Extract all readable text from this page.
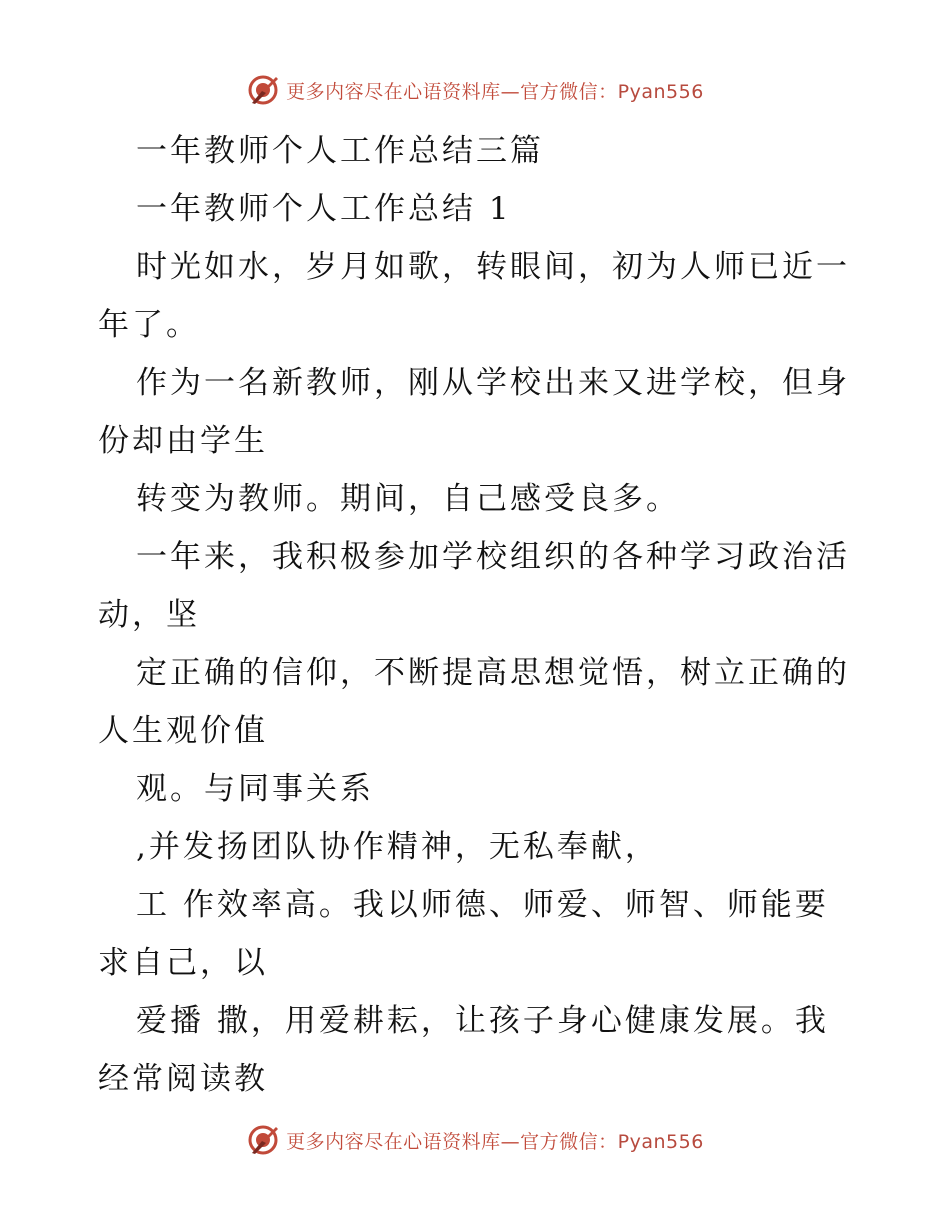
更多内容尽在心语资料库—官方微信：Pyan556
一年教师个人工作总结三篇
一年教师个人工作总结 1
时光如水，岁月如歌，转眼间，初为人师已近一
年了。
作为一名新教师，刚从学校出来又进学校，但身
份却由学生
转变为教师。期间，自己感受良多。
一年来，我积极参加学校组织的各种学习政治活
动，坚
定正确的信仰，不断提高思想觉悟，树立正确的
人生观价值
观。与同事关系
,并发扬团队协作精神，无私奉献，
工 作效率高。我以师德、师爱、师智、师能要
求自己，以
爱播 撒，用爱耕耘，让孩子身心健康发展。我
经常阅读教
更多内容尽在心语资料库—官方微信：Pyan556
